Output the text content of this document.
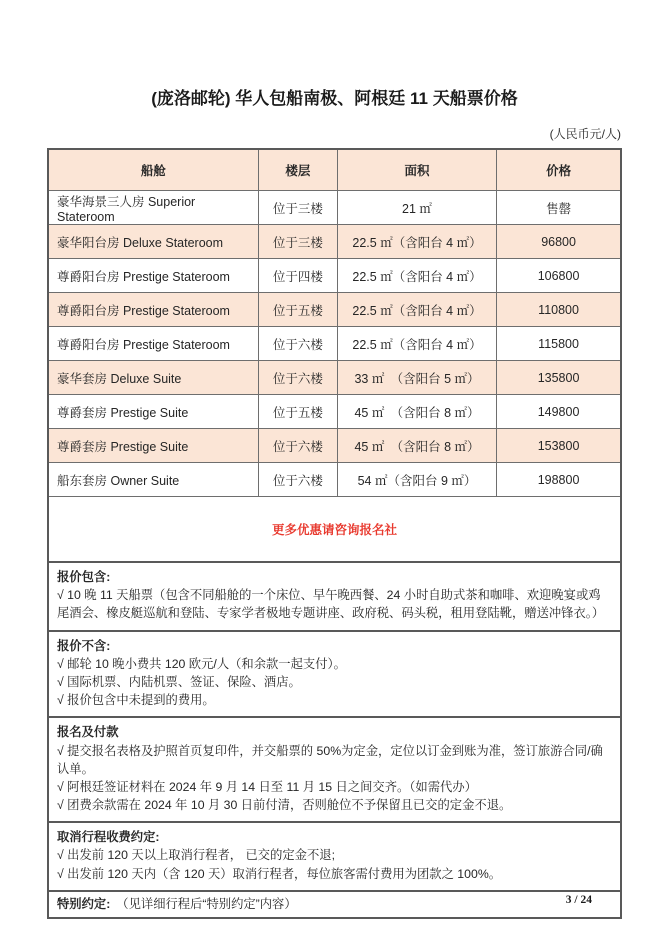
(庞洛邮轮) 华人包船南极、阿根廷 11 天船票价格
(人民币元/人)
船舱	楼层	面积	价格
豪华海景三人房 Superior Stateroom	位于三楼	21 ㎡	售罄
豪华阳台房 Deluxe Stateroom	位于三楼	22.5 ㎡（含阳台 4 ㎡）	96800
尊爵阳台房 Prestige Stateroom	位于四楼	22.5 ㎡（含阳台 4 ㎡）	106800
尊爵阳台房 Prestige Stateroom	位于五楼	22.5 ㎡（含阳台 4 ㎡）	110800
尊爵阳台房 Prestige Stateroom	位于六楼	22.5 ㎡（含阳台 4 ㎡）	115800
豪华套房 Deluxe Suite	位于六楼	33 ㎡　（含阳台 5 ㎡）	135800
尊爵套房 Prestige Suite	位于五楼	45 ㎡　（含阳台 8 ㎡）	149800
尊爵套房 Prestige Suite	位于六楼	45 ㎡　（含阳台 8 ㎡）	153800
船东套房 Owner Suite	位于六楼	54 ㎡（含阳台 9 ㎡）	198800
更多优惠请咨询报名社			

报价包含:

√ 10 晚 11 天船票（包含不同船舱的一个床位、早午晚西餐、24 小时自助式茶和咖啡、欢迎晚宴或鸡尾酒会、橡皮艇巡航和登陆、专家学者极地专题讲座、政府税、码头税，租用登陆靴，赠送冲锋衣。）

报价不含:

√ 邮轮 10 晚小费共 120 欧元/人（和余款一起支付）。

√ 国际机票、内陆机票、签证、保险、酒店。

√ 报价包含中未提到的费用。

报名及付款

√ 提交报名表格及护照首页复印件，并交船票的 50%为定金，定位以订金到账为准，签订旅游合同/确认单。

√ 阿根廷签证材料在 2024 年 9 月 14 日至 11 月 15 日之间交齐。（如需代办）

√ 团费余款需在 2024 年 10 月 30 日前付清，否则舱位不予保留且已交的定金不退。

取消行程收费约定:

√ 出发前 120 天以上取消行程者， 已交的定金不退;

√ 出发前 120 天内（含 120 天）取消行程者，每位旅客需付费用为团款之 100%。

特别约定: （见详细行程后“特别约定”内容）	3 / 24
